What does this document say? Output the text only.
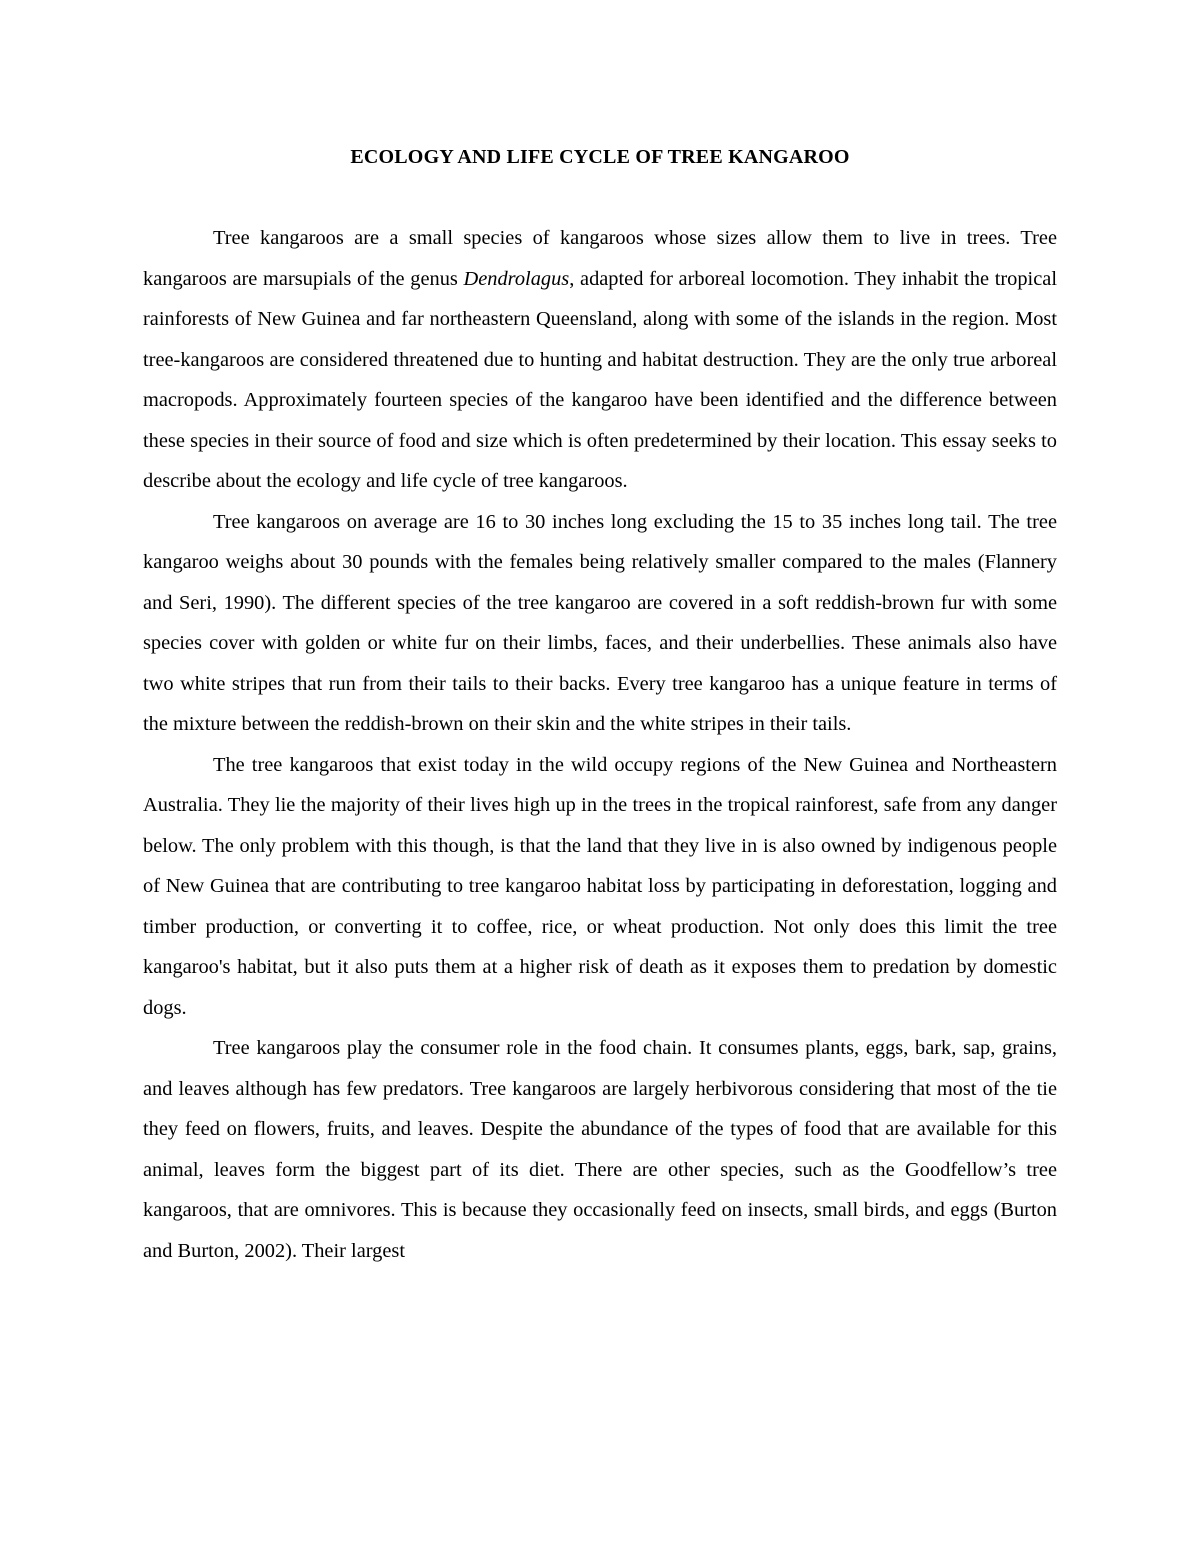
ECOLOGY AND LIFE CYCLE OF TREE KANGAROO

Tree kangaroos are a small species of kangaroos whose sizes allow them to live in trees. Tree kangaroos are marsupials of the genus Dendrolagus, adapted for arboreal locomotion. They inhabit the tropical rainforests of New Guinea and far northeastern Queensland, along with some of the islands in the region. Most tree-kangaroos are considered threatened due to hunting and habitat destruction. They are the only true arboreal macropods. Approximately fourteen species of the kangaroo have been identified and the difference between these species in their source of food and size which is often predetermined by their location. This essay seeks to describe about the ecology and life cycle of tree kangaroos.

Tree kangaroos on average are 16 to 30 inches long excluding the 15 to 35 inches long tail. The tree kangaroo weighs about 30 pounds with the females being relatively smaller compared to the males (Flannery and Seri, 1990). The different species of the tree kangaroo are covered in a soft reddish-brown fur with some species cover with golden or white fur on their limbs, faces, and their underbellies. These animals also have two white stripes that run from their tails to their backs. Every tree kangaroo has a unique feature in terms of the mixture between the reddish-brown on their skin and the white stripes in their tails.

The tree kangaroos that exist today in the wild occupy regions of the New Guinea and Northeastern Australia. They lie the majority of their lives high up in the trees in the tropical rainforest, safe from any danger below. The only problem with this though, is that the land that they live in is also owned by indigenous people of New Guinea that are contributing to tree kangaroo habitat loss by participating in deforestation, logging and timber production, or converting it to coffee, rice, or wheat production. Not only does this limit the tree kangaroo's habitat, but it also puts them at a higher risk of death as it exposes them to predation by domestic dogs.

Tree kangaroos play the consumer role in the food chain. It consumes plants, eggs, bark, sap, grains, and leaves although has few predators. Tree kangaroos are largely herbivorous considering that most of the tie they feed on flowers, fruits, and leaves. Despite the abundance of the types of food that are available for this animal, leaves form the biggest part of its diet. There are other species, such as the Goodfellow’s tree kangaroos, that are omnivores. This is because they occasionally feed on insects, small birds, and eggs (Burton and Burton, 2002). Their largest
